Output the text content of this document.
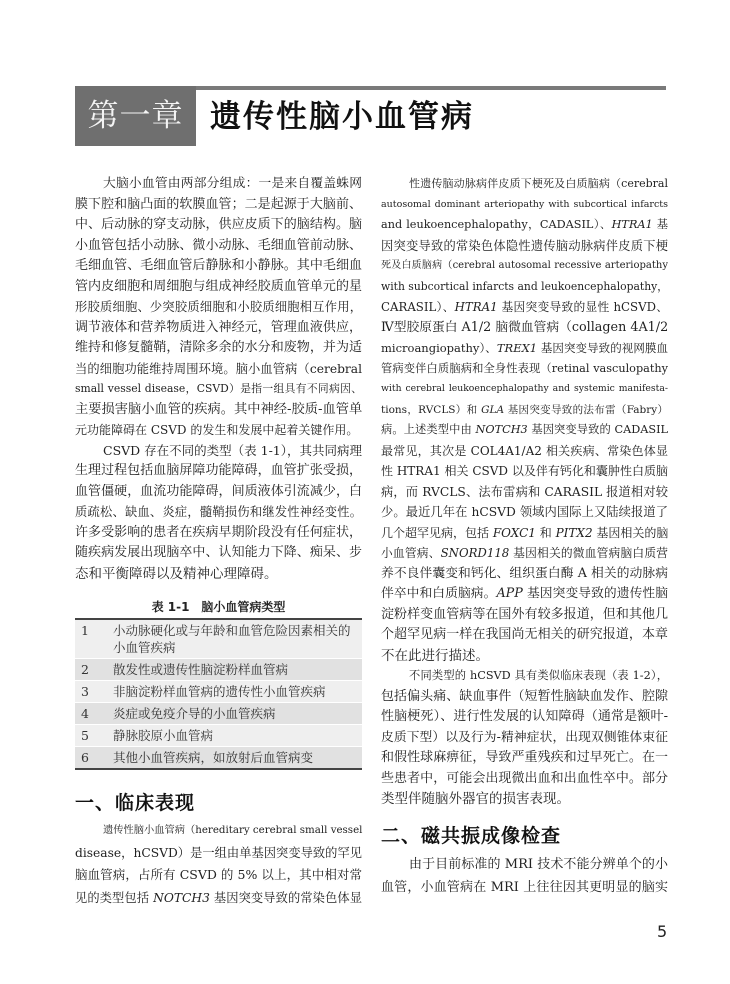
第一章 遗传性脑小血管病
大脑小血管由两部分组成：一是来自覆盖蛛网
膜下腔和脑凸面的软膜血管；二是起源于大脑前、
中、后动脉的穿支动脉，供应皮质下的脑结构。脑
小血管包括小动脉、微小动脉、毛细血管前动脉、
毛细血管、毛细血管后静脉和小静脉。其中毛细血
管内皮细胞和周细胞与组成神经胶质血管单元的星
形胶质细胞、少突胶质细胞和小胶质细胞相互作用，
调节液体和营养物质进入神经元，管理血液供应，
维持和修复髓鞘，清除多余的水分和废物，并为适
当的细胞功能维持周围环境。脑小血管病（cerebral
small vessel disease，CSVD）是指一组具有不同病因、
主要损害脑小血管的疾病。其中神经-胶质-血管单
元功能障碍在 CSVD 的发生和发展中起着关键作用。
CSVD 存在不同的类型（表 1-1），其共同病理
生理过程包括血脑屏障功能障碍，血管扩张受损，
血管僵硬，血流功能障碍，间质液体引流减少，白
质疏松、缺血、炎症，髓鞘损伤和继发性神经变性。
许多受影响的患者在疾病早期阶段没有任何症状，
随疾病发展出现脑卒中、认知能力下降、痴呆、步
态和平衡障碍以及精神心理障碍。
表 1-1 脑小血管病类型
1	小动脉硬化或与年龄和血管危险因素相关的小血管疾病
2	散发性或遗传性脑淀粉样血管病
3	非脑淀粉样血管病的遗传性小血管疾病
4	炎症或免疫介导的小血管疾病
5	静脉胶原小血管病
6	其他小血管疾病，如放射后血管病变
一、临床表现
遗传性脑小血管病（hereditary cerebral small vessel
disease，hCSVD）是一组由单基因突变导致的罕见
脑血管病，占所有 CSVD 的 5% 以上，其中相对常
见的类型包括 NOTCH3 基因突变导致的常染色体显
性遗传脑动脉病伴皮质下梗死及白质脑病（cerebral
autosomal dominant arteriopathy with subcortical infarcts
and leukoencephalopathy，CADASIL）、HTRA1 基
因突变导致的常染色体隐性遗传脑动脉病伴皮质下梗
死及白质脑病（cerebral autosomal recessive arteriopathy
with subcortical infarcts and leukoencephalopathy，
CARASIL）、HTRA1 基因突变导致的显性 hCSVD、
Ⅳ型胶原蛋白 A1/2 脑微血管病（collagen 4A1/2
microangiopathy）、TREX1 基因突变导致的视网膜血
管病变伴白质脑病和全身性表现（retinal vasculopathy
with cerebral leukoencephalopathy and systemic manifesta-
tions，RVCLS）和 GLA 基因突变导致的法布雷（Fabry）
病。上述类型中由 NOTCH3 基因突变导致的 CADASIL
最常见，其次是 COL4A1/A2 相关疾病、常染色体显
性 HTRA1 相关 CSVD 以及伴有钙化和囊肿性白质脑
病，而 RVCLS、法布雷病和 CARASIL 报道相对较
少。最近几年在 hCSVD 领域内国际上又陆续报道了
几个超罕见病，包括 FOXC1 和 PITX2 基因相关的脑
小血管病、SNORD118 基因相关的微血管病脑白质营
养不良伴囊变和钙化、组织蛋白酶 A 相关的动脉病
伴卒中和白质脑病。APP 基因突变导致的遗传性脑
淀粉样变血管病等在国外有较多报道，但和其他几
个超罕见病一样在我国尚无相关的研究报道，本章
不在此进行描述。
不同类型的 hCSVD 具有类似临床表现（表 1-2），
包括偏头痛、缺血事件（短暂性脑缺血发作、腔隙
性脑梗死）、进行性发展的认知障碍（通常是额叶-
皮质下型）以及行为-精神症状，出现双侧锥体束征
和假性球麻痹征，导致严重残疾和过早死亡。在一
些患者中，可能会出现微出血和出血性卒中。部分
类型伴随脑外器官的损害表现。
二、磁共振成像检查
由于目前标准的 MRI 技术不能分辨单个的小
血管，小血管病在 MRI 上往往因其更明显的脑实
5
